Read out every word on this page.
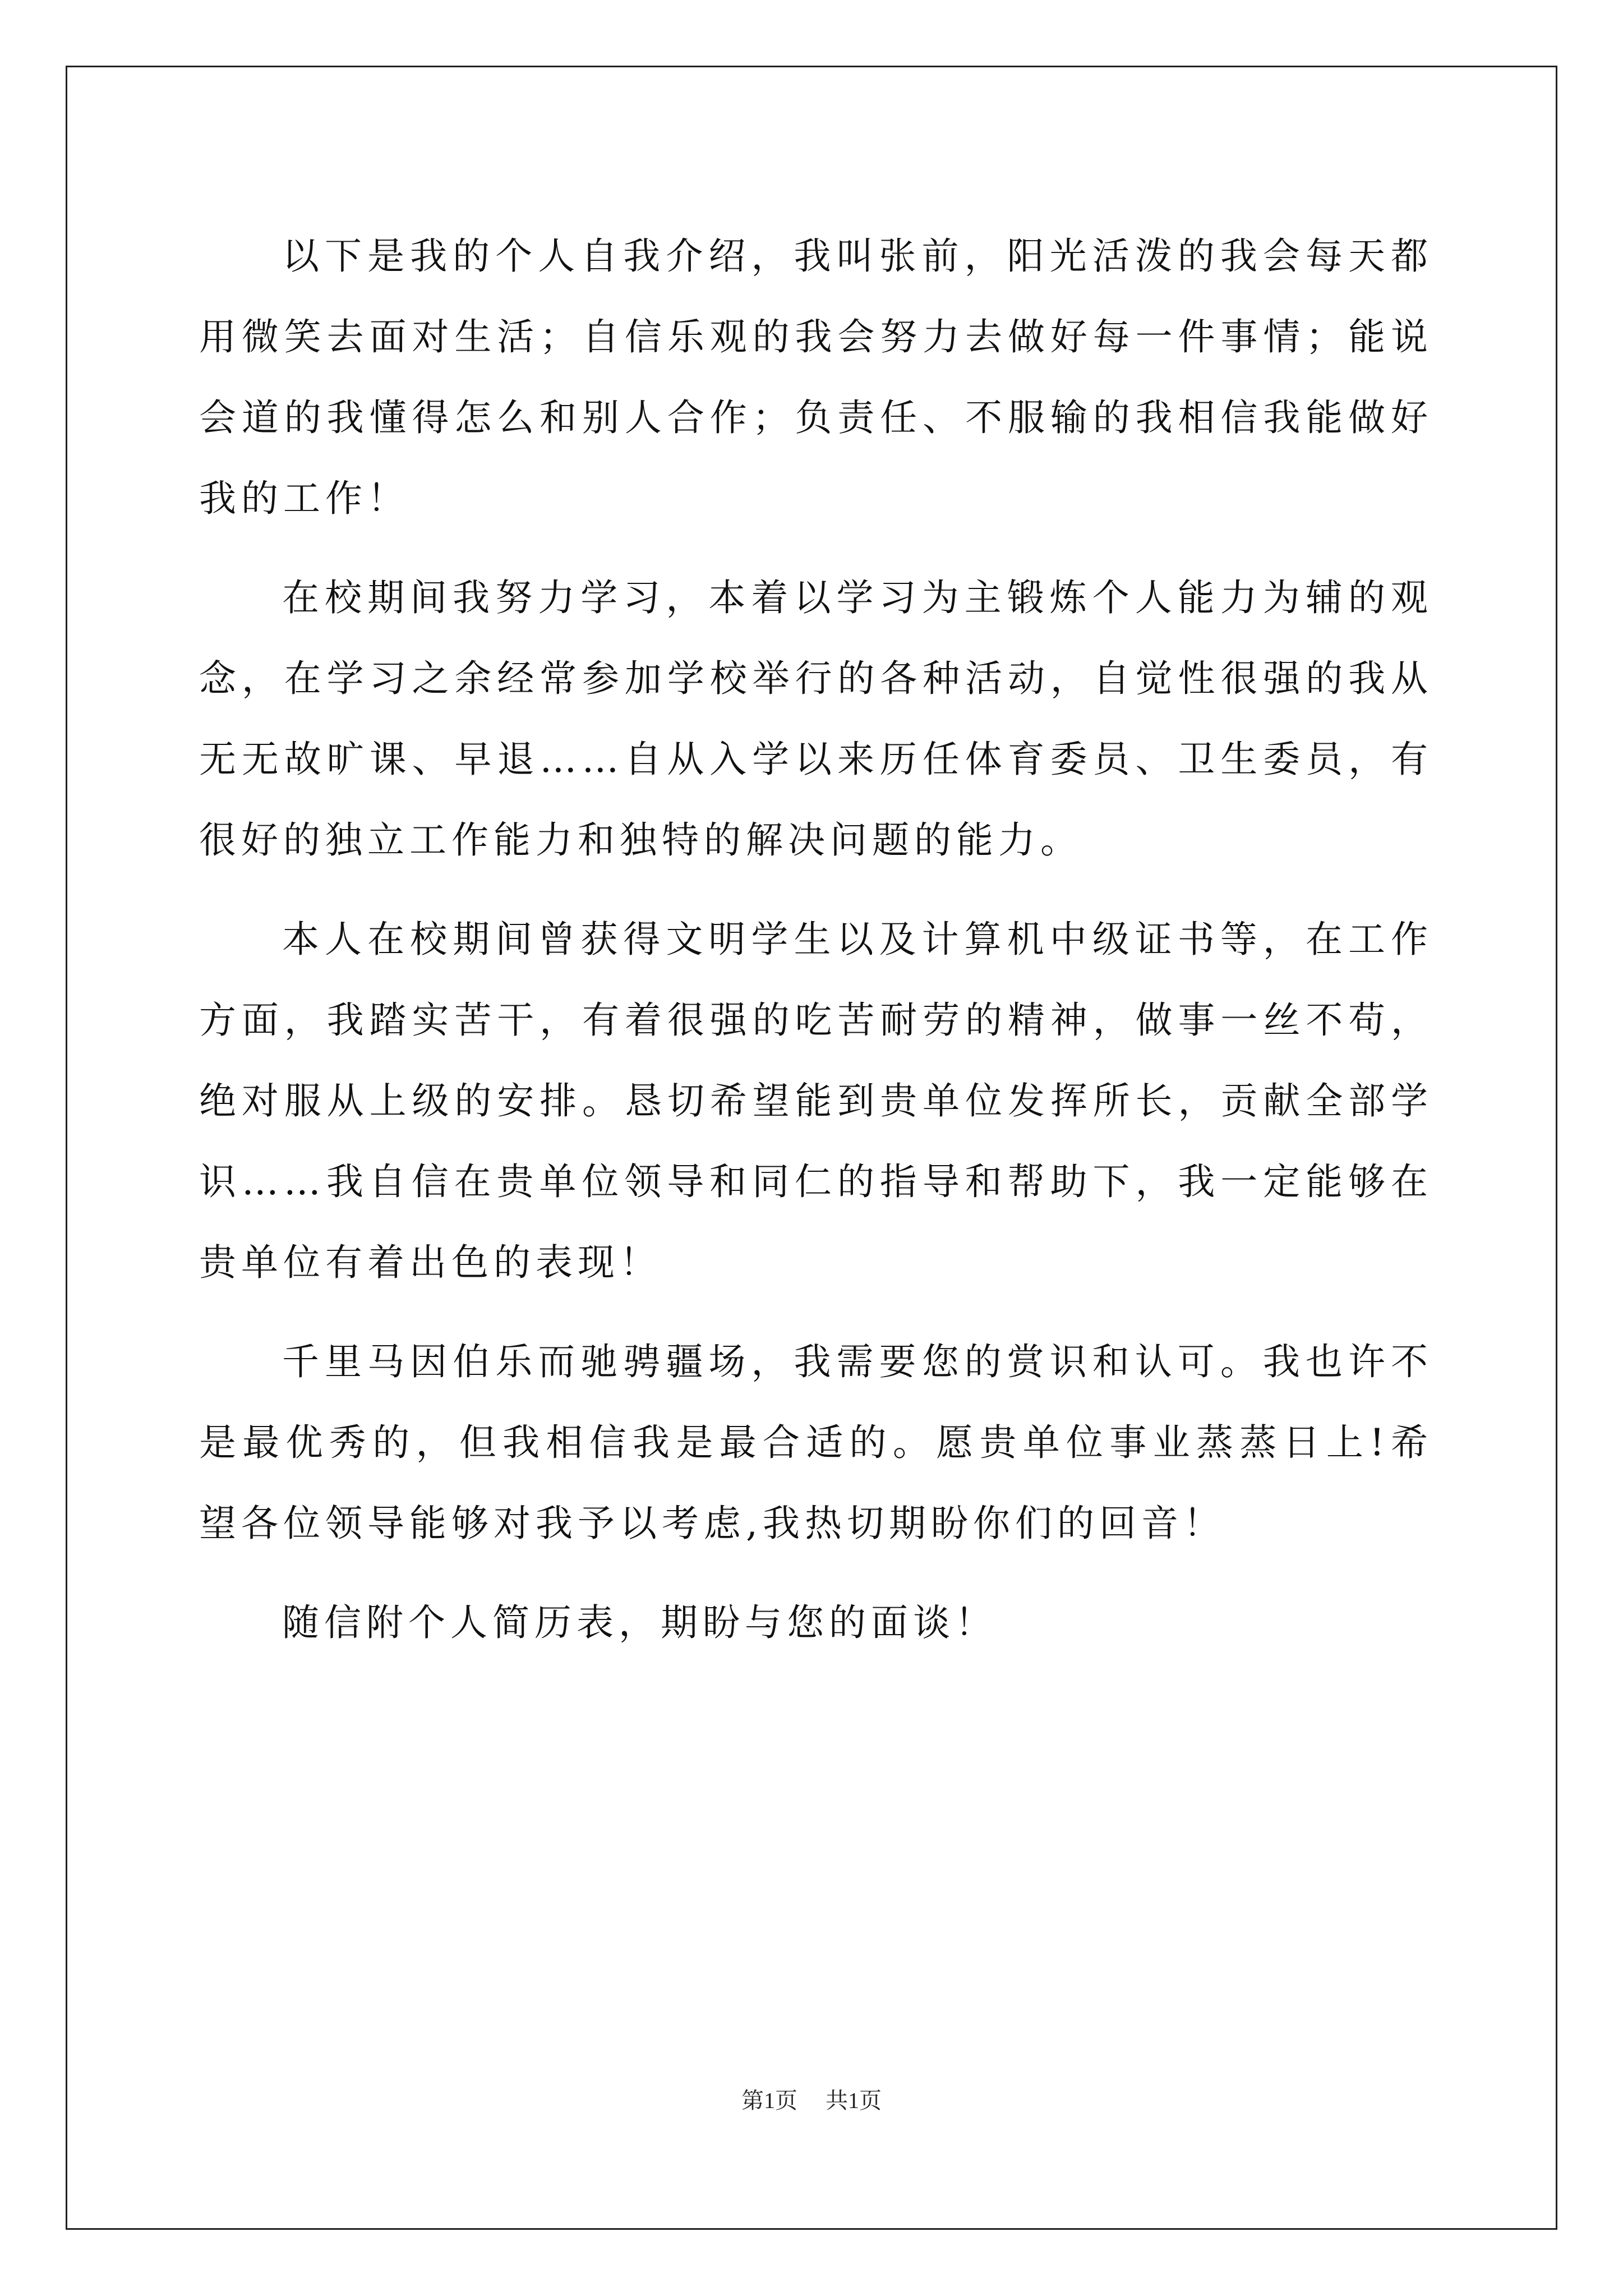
以下是我的个人自我介绍，我叫张前，阳光活泼的我会每天都用微笑去面对生活；自信乐观的我会努力去做好每一件事情；能说会道的我懂得怎么和别人合作；负责任、不服输的我相信我能做好我的工作！

在校期间我努力学习，本着以学习为主锻炼个人能力为辅的观念，在学习之余经常参加学校举行的各种活动，自觉性很强的我从无无故旷课、早退……自从入学以来历任体育委员、卫生委员，有很好的独立工作能力和独特的解决问题的能力。

本人在校期间曾获得文明学生以及计算机中级证书等，在工作方面，我踏实苦干，有着很强的吃苦耐劳的精神，做事一丝不苟，绝对服从上级的安排。恳切希望能到贵单位发挥所长，贡献全部学识……我自信在贵单位领导和同仁的指导和帮助下，我一定能够在贵单位有着出色的表现！

千里马因伯乐而驰骋疆场，我需要您的赏识和认可。我也许不是最优秀的，但我相信我是最合适的。愿贵单位事业蒸蒸日上!希望各位领导能够对我予以考虑,我热切期盼你们的回音！

随信附个人简历表，期盼与您的面谈！

第1页 共1页
